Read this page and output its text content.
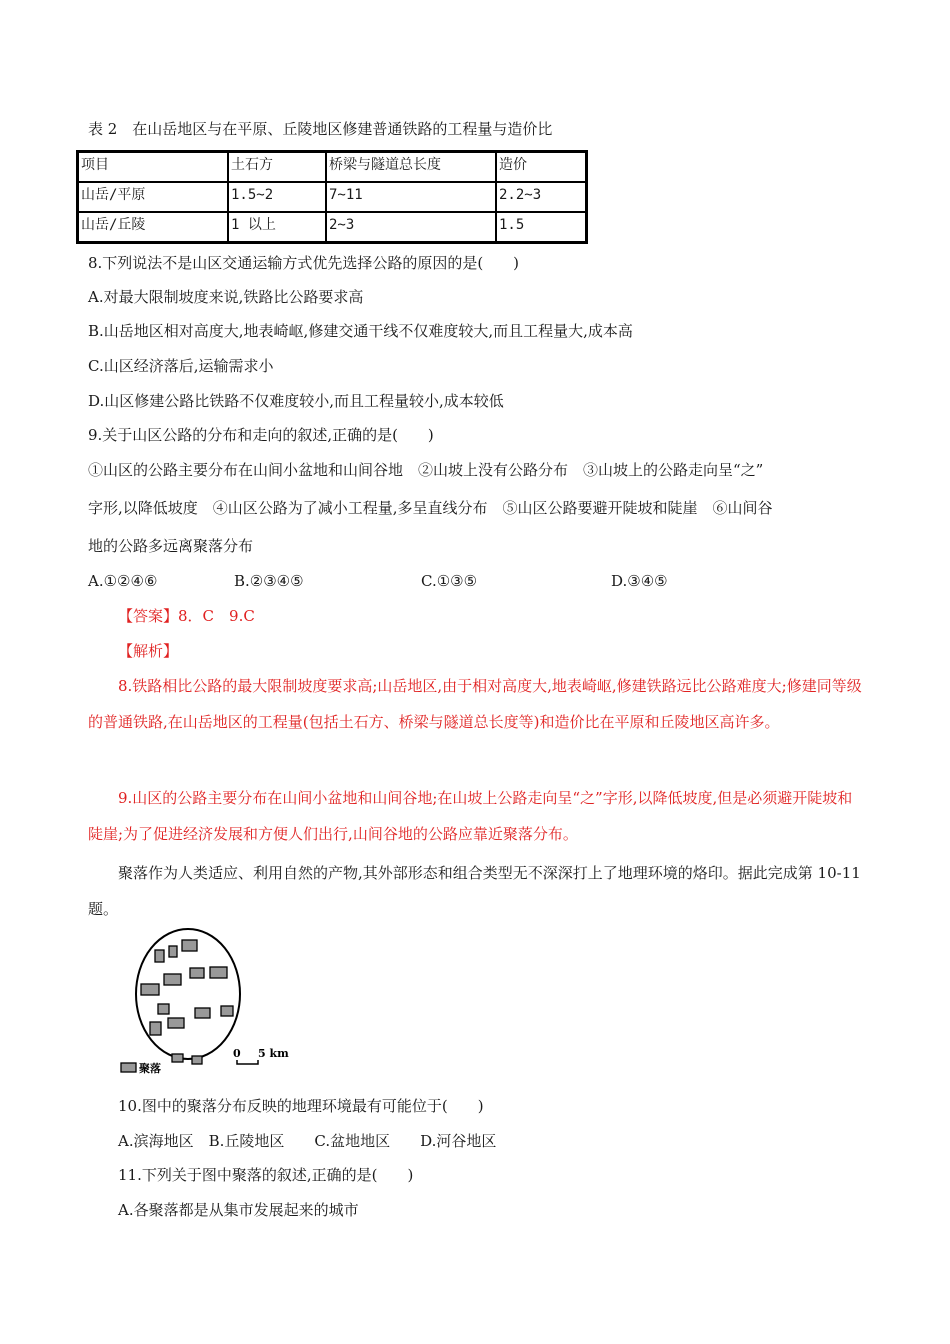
表 2　在山岳地区与在平原、丘陵地区修建普通铁路的工程量与造价比
项目	土石方	桥梁与隧道总长度	造价
山岳/平原	1.5~2	7~11	2.2~3
山岳/丘陵	1 以上	2~3	1.5
8.下列说法不是山区交通运输方式优先选择公路的原因的是(　　)
A.对最大限制坡度来说,铁路比公路要求高
B.山岳地区相对高度大,地表崎岖,修建交通干线不仅难度较大,而且工程量大,成本高
C.山区经济落后,运输需求小
D.山区修建公路比铁路不仅难度较小,而且工程量较小,成本较低
9.关于山区公路的分布和走向的叙述,正确的是(　　)
①山区的公路主要分布在山间小盆地和山间谷地　②山坡上没有公路分布　③山坡上的公路走向呈“之”
字形,以降低坡度　④山区公路为了减小工程量,多呈直线分布　⑤山区公路要避开陡坡和陡崖　⑥山间谷
地的公路多远离聚落分布
A.①②④⑥	B.②③④⑤	C.①③⑤	D.③④⑤
【答案】8．C　9.C
【解析】
8.铁路相比公路的最大限制坡度要求高;山岳地区,由于相对高度大,地表崎岖,修建铁路远比公路难度大;修建同等级的普通铁路,在山岳地区的工程量(包括土石方、桥梁与隧道总长度等)和造价比在平原和丘陵地区高许多。
9.山区的公路主要分布在山间小盆地和山间谷地;在山坡上公路走向呈“之”字形,以降低坡度,但是必须避开陡坡和陡崖;为了促进经济发展和方便人们出行,山间谷地的公路应靠近聚落分布。
聚落作为人类适应、利用自然的产物,其外部形态和组合类型无不深深打上了地理环境的烙印。据此完成第 10-11 题。
0 5 km
聚落
10.图中的聚落分布反映的地理环境最有可能位于(　　)
A.滨海地区　B.丘陵地区　　C.盆地地区　　D.河谷地区
11.下列关于图中聚落的叙述,正确的是(　　)
A.各聚落都是从集市发展起来的城市
